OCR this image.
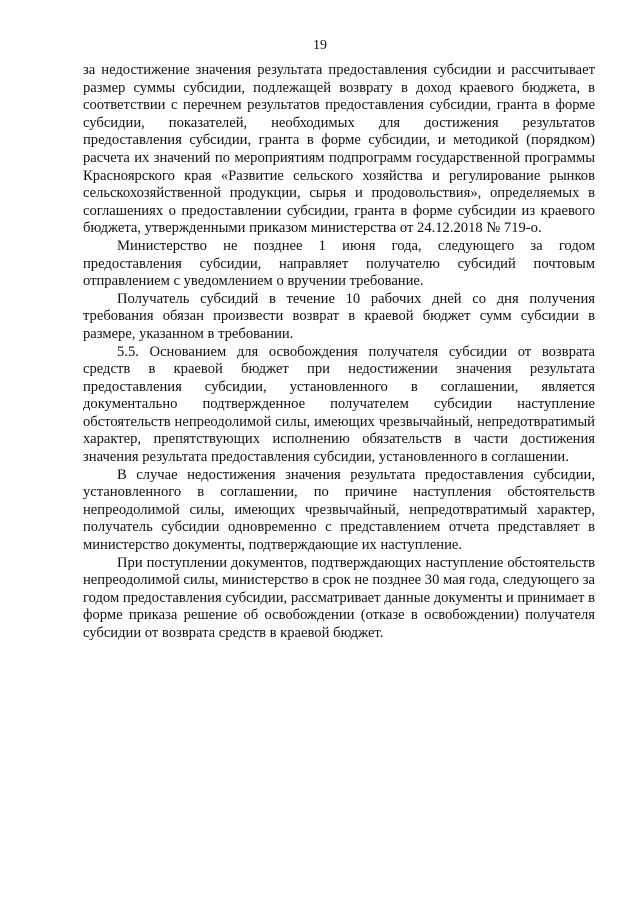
19

за недостижение значения результата предоставления субсидии и рассчитывает размер суммы субсидии, подлежащей возврату в доход краевого бюджета, в соответствии с перечнем результатов предоставления субсидии, гранта в форме субсидии, показателей, необходимых для достижения результатов предоставления субсидии, гранта в форме субсидии, и методикой (порядком) расчета их значений по мероприятиям подпрограмм государственной программы Красноярского края «Развитие сельского хозяйства и регулирование рынков сельскохозяйственной продукции, сырья и продовольствия», определяемых в соглашениях о предоставлении субсидии, гранта в форме субсидии из краевого бюджета, утвержденными приказом министерства от 24.12.2018 № 719-о.

Министерство не позднее 1 июня года, следующего за годом предоставления субсидии, направляет получателю субсидий почтовым отправлением с уведомлением о вручении требование.

Получатель субсидий в течение 10 рабочих дней со дня получения требования обязан произвести возврат в краевой бюджет сумм субсидии в размере, указанном в требовании.

5.5. Основанием для освобождения получателя субсидии от возврата средств в краевой бюджет при недостижении значения результата предоставления субсидии, установленного в соглашении, является документально подтвержденное получателем субсидии наступление обстоятельств непреодолимой силы, имеющих чрезвычайный, непредотвратимый характер, препятствующих исполнению обязательств в части достижения значения результата предоставления субсидии, установленного в соглашении.

В случае недостижения значения результата предоставления субсидии, установленного в соглашении, по причине наступления обстоятельств непреодолимой силы, имеющих чрезвычайный, непредотвратимый характер, получатель субсидии одновременно с представлением отчета представляет в министерство документы, подтверждающие их наступление.

При поступлении документов, подтверждающих наступление обстоятельств непреодолимой силы, министерство в срок не позднее 30 мая года, следующего за годом предоставления субсидии, рассматривает данные документы и принимает в форме приказа решение об освобождении (отказе в освобождении) получателя субсидии от возврата средств в краевой бюджет.
